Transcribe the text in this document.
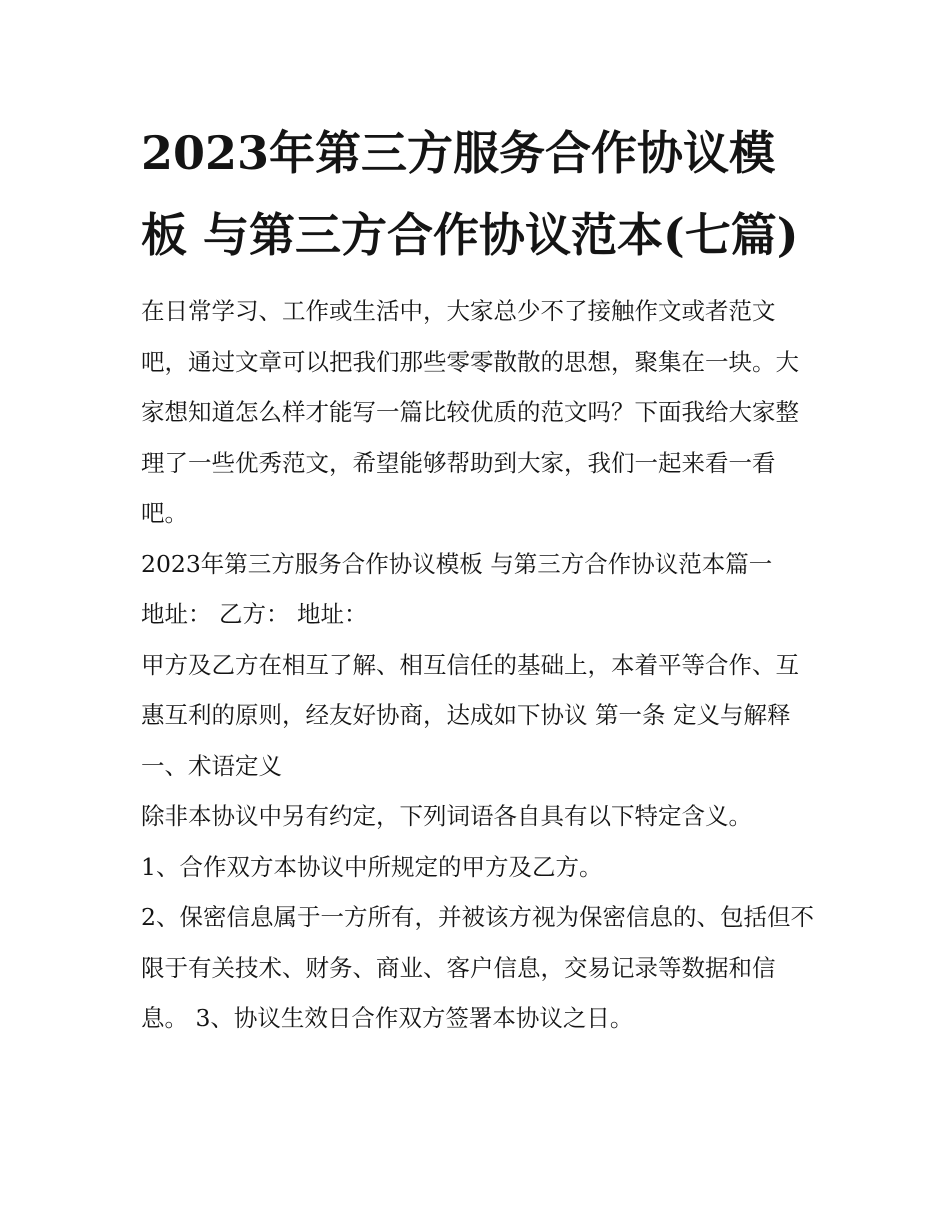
2023年第三方服务合作协议模板 与第三方合作协议范本(七篇)

在日常学习、工作或生活中，大家总少不了接触作文或者范文吧，通过文章可以把我们那些零零散散的思想，聚集在一块。大家想知道怎么样才能写一篇比较优质的范文吗？下面我给大家整理了一些优秀范文，希望能够帮助到大家，我们一起来看一看吧。

2023年第三方服务合作协议模板 与第三方合作协议范本篇一

地址： 乙方： 地址：

甲方及乙方在相互了解、相互信任的基础上，本着平等合作、互惠互利的原则，经友好协商，达成如下协议 第一条 定义与解释 一、术语定义

除非本协议中另有约定，下列词语各自具有以下特定含义。

1、合作双方本协议中所规定的甲方及乙方。

2、保密信息属于一方所有，并被该方视为保密信息的、包括但不限于有关技术、财务、商业、客户信息，交易记录等数据和信息。 3、协议生效日合作双方签署本协议之日。
